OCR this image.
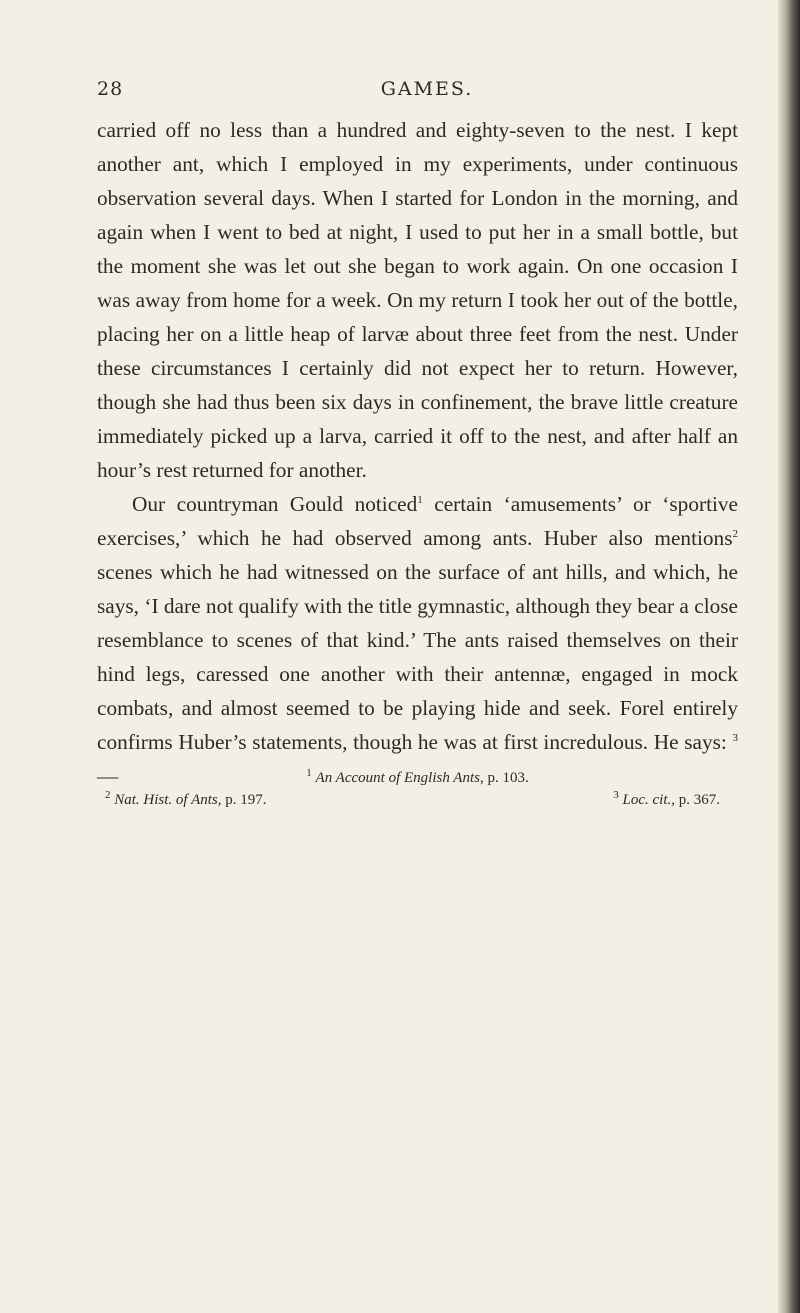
28	GAMES.

carried off no less than a hundred and eighty-seven to the nest. I kept another ant, which I employed in my experiments, under continuous observation several days. When I started for London in the morning, and again when I went to bed at night, I used to put her in a small bottle, but the moment she was let out she began to work again. On one occasion I was away from home for a week. On my return I took her out of the bottle, placing her on a little heap of larvæ about three feet from the nest. Under these circumstances I certainly did not expect her to return. However, though she had thus been six days in confinement, the brave little creature immediately picked up a larva, carried it off to the nest, and after half an hour’s rest returned for another.

Our countryman Gould noticed$^1$ certain ‘amusements’ or ‘sportive exercises,’ which he had observed among ants. Huber also mentions$^2$ scenes which he had witnessed on the surface of ant hills, and which, he says, ‘I dare not qualify with the title gymnastic, although they bear a close resemblance to scenes of that kind.’ The ants raised themselves on their hind legs, caressed one another with their antennæ, engaged in mock combats, and almost seemed to be playing hide and seek. Forel entirely confirms Huber’s statements, though he was at first incredulous. He says: $^3$—	$^1$ An Account of English Ants, p. 103.
$^2$ Nat. Hist. of Ants, p. 197.	$^3$ Loc. cit., p. 367.
